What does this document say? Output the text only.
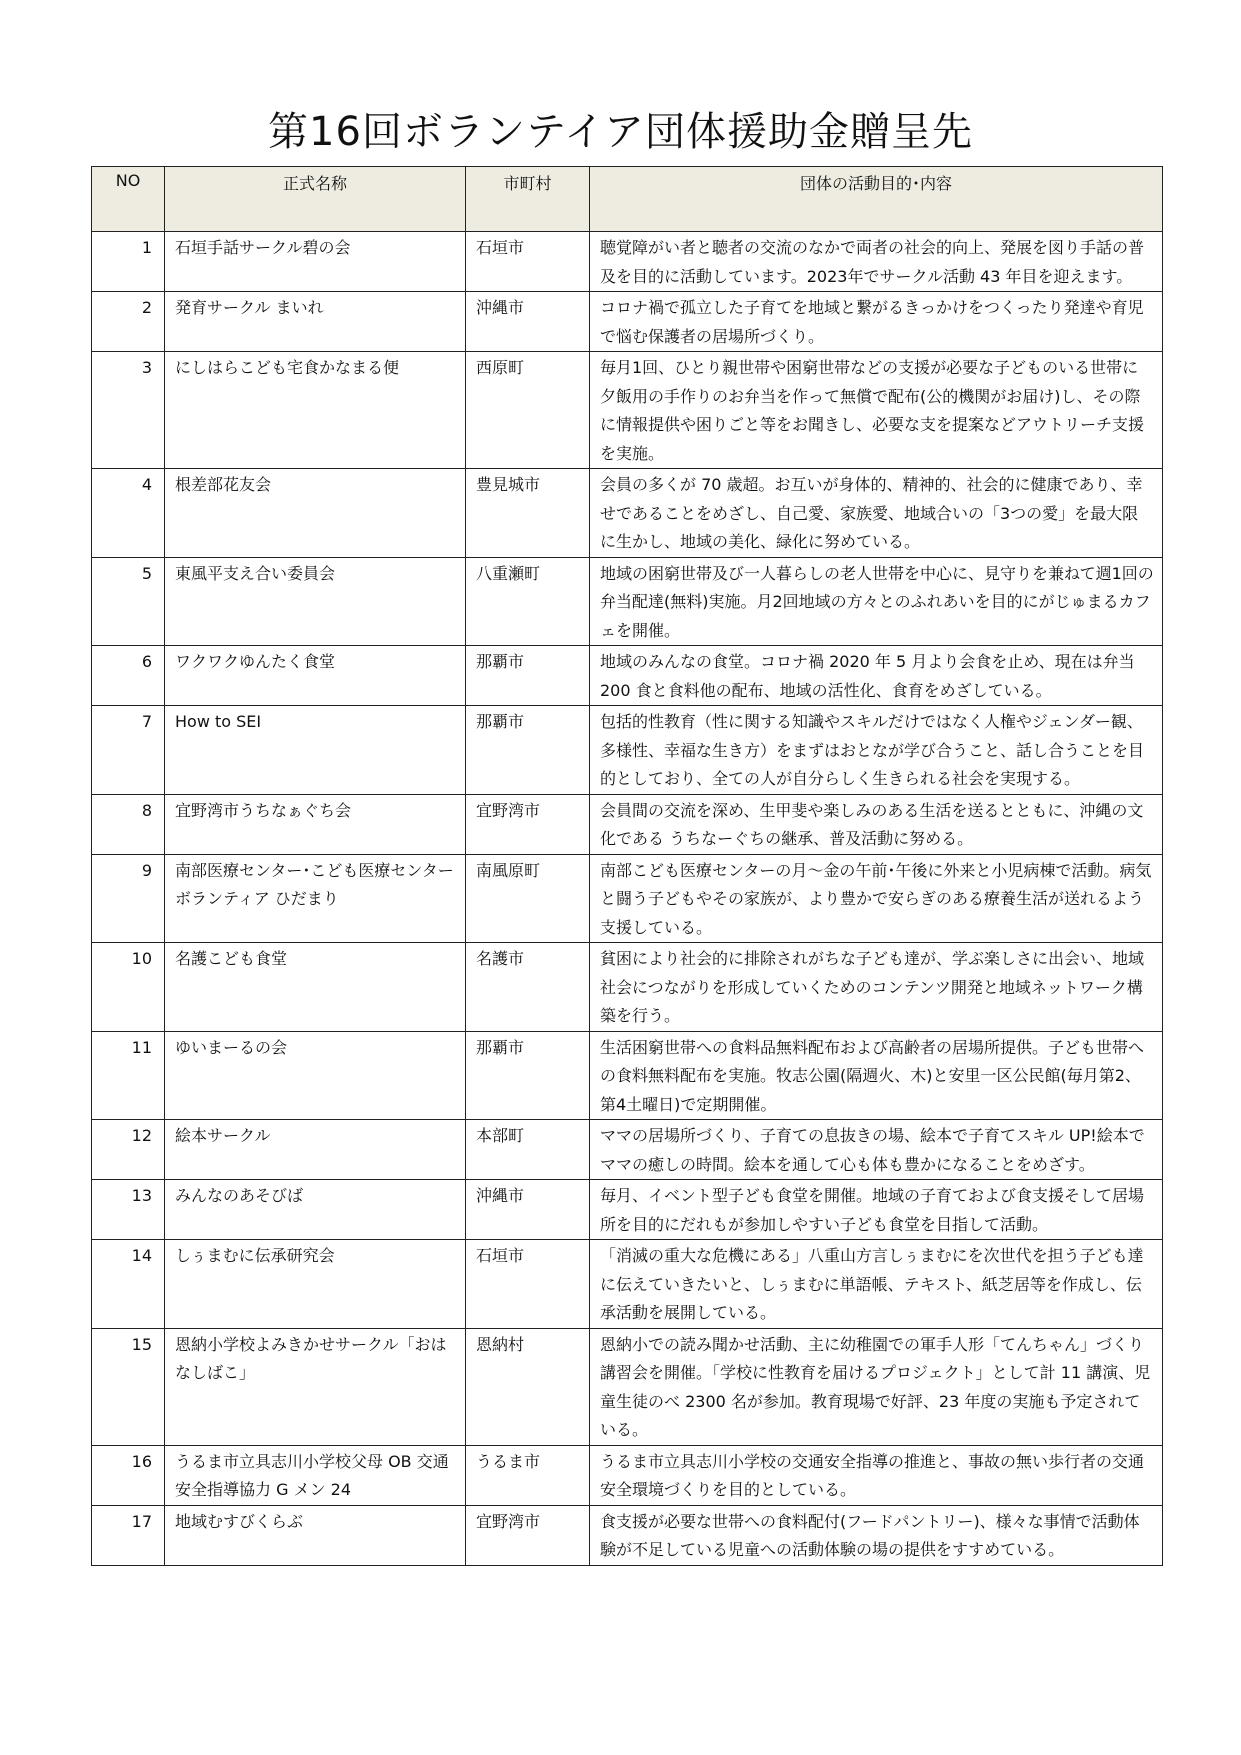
第16回ボランテイア団体援助金贈呈先
NO	正式名称	市町村	団体の活動目的･内容
1	石垣手話サークル碧の会	石垣市	聴覚障がい者と聴者の交流のなかで両者の社会的向上、発展を図り手話の普及を目的に活動しています。2023年でサークル活動 43 年目を迎えます。
2	発育サークル まいれ	沖縄市	コロナ禍で孤立した子育てを地域と繋がるきっかけをつくったり発達や育児で悩む保護者の居場所づくり。
3	にしはらこども宅食かなまる便	西原町	毎月1回、ひとり親世帯や困窮世帯などの支援が必要な子どものいる世帯に夕飯用の手作りのお弁当を作って無償で配布(公的機関がお届け)し、その際に情報提供や困りごと等をお聞きし、必要な支を提案などアウトリーチ支援を実施。
4	根差部花友会	豊見城市	会員の多くが 70 歳超。お互いが身体的、精神的、社会的に健康であり、幸せであることをめざし、自己愛、家族愛、地域合いの「3つの愛」を最大限に生かし、地域の美化、緑化に努めている。
5	東風平支え合い委員会	八重瀬町	地域の困窮世帯及び一人暮らしの老人世帯を中心に、見守りを兼ねて週1回の弁当配達(無料)実施。月2回地域の方々とのふれあいを目的にがじゅまるカフェを開催。
6	ワクワクゆんたく食堂	那覇市	地域のみんなの食堂。コロナ禍 2020 年 5 月より会食を止め、現在は弁当 200 食と食料他の配布、地域の活性化、食育をめざしている。
7	How to SEI	那覇市	包括的性教育（性に関する知識やスキルだけではなく人権やジェンダー観、多様性、幸福な生き方）をまずはおとなが学び合うこと、話し合うことを目的としており、全ての人が自分らしく生きられる社会を実現する。
8	宜野湾市うちなぁぐち会	宜野湾市	会員間の交流を深め、生甲斐や楽しみのある生活を送るとともに、沖縄の文化である うちなーぐちの継承、普及活動に努める。
9	南部医療センター･こども医療センター ボランティア ひだまり	南風原町	南部こども医療センターの月～金の午前･午後に外来と小児病棟で活動。病気と闘う子どもやその家族が、より豊かで安らぎのある療養生活が送れるよう支援している。
10	名護こども食堂	名護市	貧困により社会的に排除されがちな子ども達が、学ぶ楽しさに出会い、地域社会につながりを形成していくためのコンテンツ開発と地域ネットワーク構築を行う。
11	ゆいまーるの会	那覇市	生活困窮世帯への食料品無料配布および高齢者の居場所提供。子ども世帯への食料無料配布を実施。牧志公園(隔週火、木)と安里一区公民館(毎月第2、第4土曜日)で定期開催。
12	絵本サークル	本部町	ママの居場所づくり、子育ての息抜きの場、絵本で子育てスキル UP!絵本でママの癒しの時間。絵本を通して心も体も豊かになることをめざす。
13	みんなのあそびば	沖縄市	毎月、イベント型子ども食堂を開催。地域の子育ておよび食支援そして居場所を目的にだれもが参加しやすい子ども食堂を目指して活動。
14	しぅまむに伝承研究会	石垣市	「消滅の重大な危機にある」八重山方言しぅまむにを次世代を担う子ども達に伝えていきたいと、しぅまむに単語帳、テキスト、紙芝居等を作成し、伝承活動を展開している。
15	恩納小学校よみきかせサークル「おはなしばこ」	恩納村	恩納小での読み聞かせ活動、主に幼稚園での軍手人形「てんちゃん」づくり講習会を開催。「学校に性教育を届けるプロジェクト」として計 11 講演、児童生徒のべ 2300 名が参加。教育現場で好評、23 年度の実施も予定されている。
16	うるま市立具志川小学校父母 OB 交通安全指導協力 G メン 24	うるま市	うるま市立具志川小学校の交通安全指導の推進と、事故の無い歩行者の交通安全環境づくりを目的としている。
17	地域むすびくらぶ	宜野湾市	食支援が必要な世帯への食料配付(フードパントリー)、様々な事情で活動体験が不足している児童への活動体験の場の提供をすすめている。
